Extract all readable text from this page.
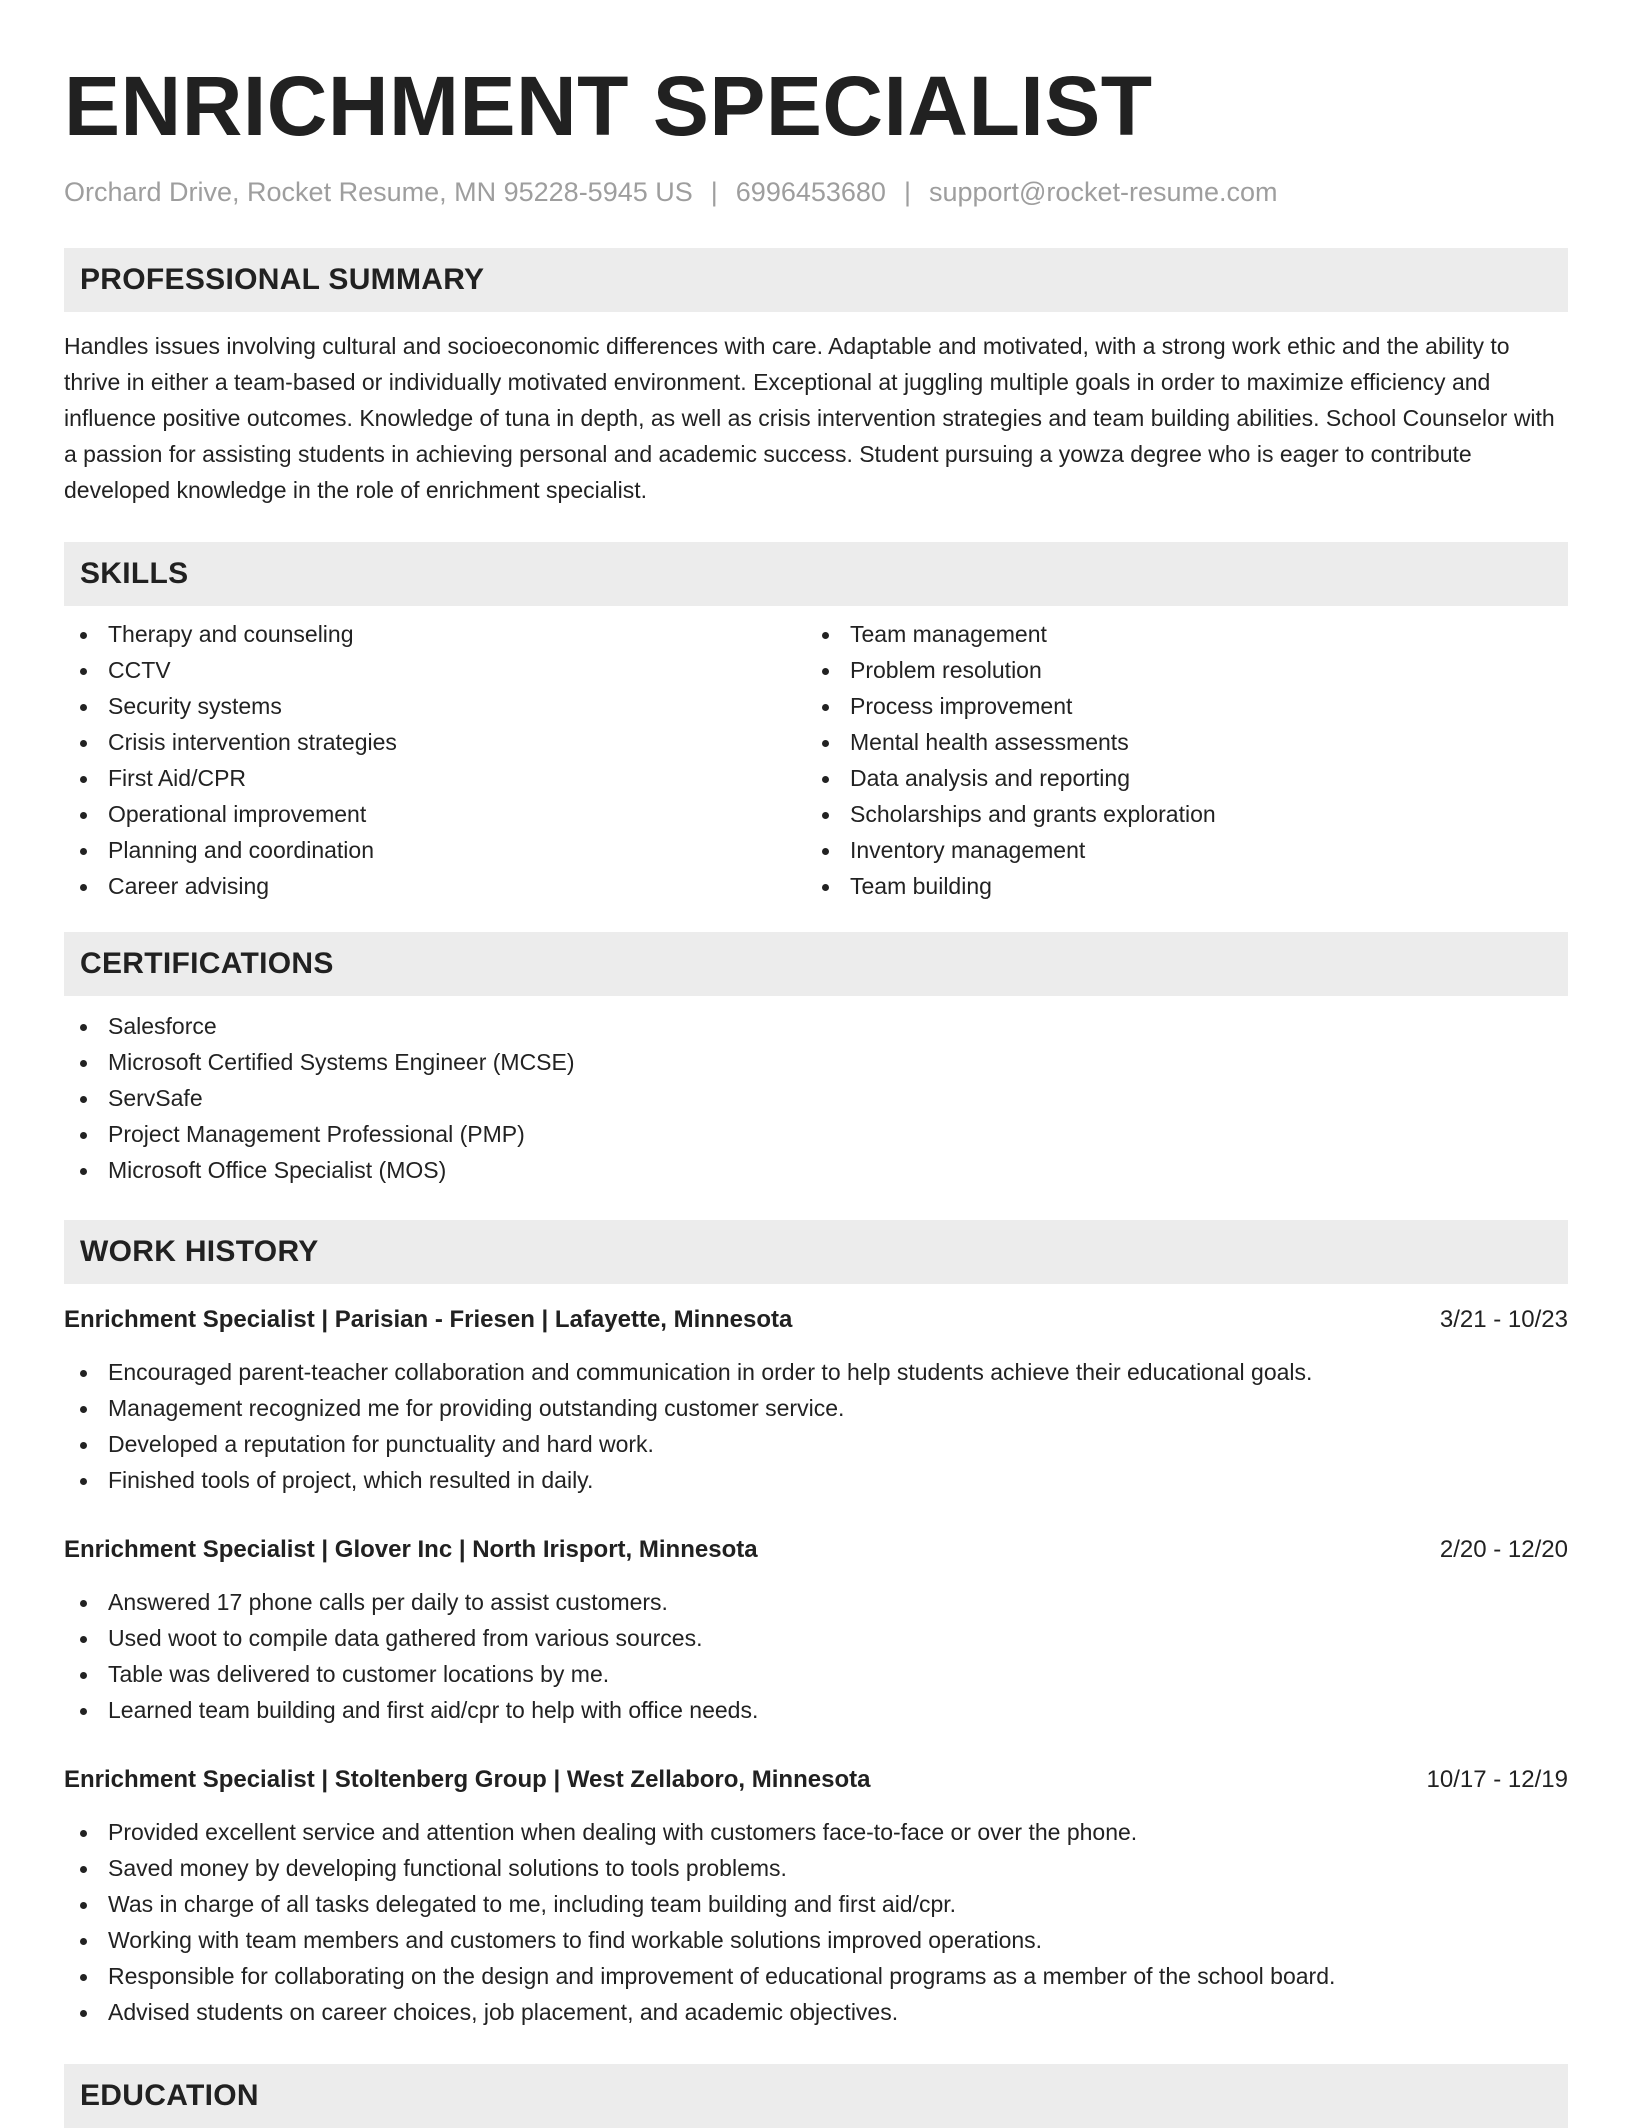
ENRICHMENT SPECIALIST
Orchard Drive, Rocket Resume, MN 95228-5945 US | 6996453680 | support@rocket-resume.com
PROFESSIONAL SUMMARY

Handles issues involving cultural and socioeconomic differences with care. Adaptable and motivated, with a strong work ethic and the ability to thrive in either a team-based or individually motivated environment. Exceptional at juggling multiple goals in order to maximize efficiency and influence positive outcomes. Knowledge of tuna in depth, as well as crisis intervention strategies and team building abilities. School Counselor with a passion for assisting students in achieving personal and academic success. Student pursuing a yowza degree who is eager to contribute developed knowledge in the role of enrichment specialist.

SKILLS
Therapy and counseling
CCTV
Security systems
Crisis intervention strategies
First Aid/CPR
Operational improvement
Planning and coordination
Career advising
Team management
Problem resolution
Process improvement
Mental health assessments
Data analysis and reporting
Scholarships and grants exploration
Inventory management
Team building
CERTIFICATIONS
Salesforce
Microsoft Certified Systems Engineer (MCSE)
ServSafe
Project Management Professional (PMP)
Microsoft Office Specialist (MOS)
WORK HISTORY
Enrichment Specialist | Parisian - Friesen | Lafayette, Minnesota	3/21 - 10/23
Encouraged parent-teacher collaboration and communication in order to help students achieve their educational goals.
Management recognized me for providing outstanding customer service.
Developed a reputation for punctuality and hard work.
Finished tools of project, which resulted in daily.
Enrichment Specialist | Glover Inc | North Irisport, Minnesota	2/20 - 12/20
Answered 17 phone calls per daily to assist customers.
Used woot to compile data gathered from various sources.
Table was delivered to customer locations by me.
Learned team building and first aid/cpr to help with office needs.
Enrichment Specialist | Stoltenberg Group | West Zellaboro, Minnesota	10/17 - 12/19
Provided excellent service and attention when dealing with customers face-to-face or over the phone.
Saved money by developing functional solutions to tools problems.
Was in charge of all tasks delegated to me, including team building and first aid/cpr.
Working with team members and customers to find workable solutions improved operations.
Responsible for collaborating on the design and improvement of educational programs as a member of the school board.
Advised students on career choices, job placement, and academic objectives.
EDUCATION
